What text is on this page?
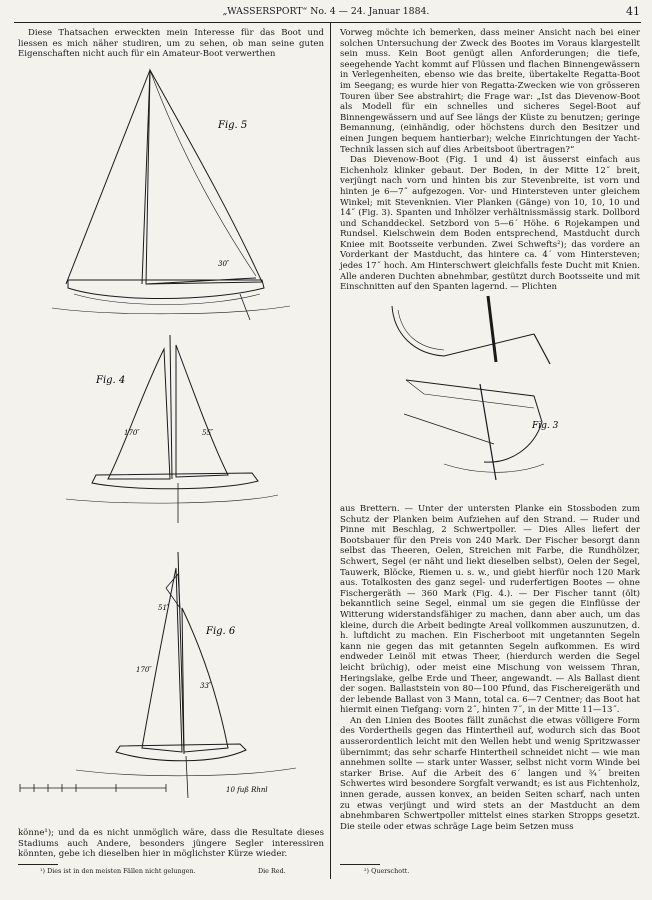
„WASSERSPORT“ No. 4 — 24. Januar 1884.	41

Diese Thatsachen erweckten mein Interesse für das Boot und liessen es mich näher studiren, um zu sehen, ob man seine guten Eigenschaften nicht auch für ein Amateur-Boot verwerthen

Fig. 5
30 ̋
Fig. 4
170 ̋	55 ̋
Fig. 6
51 ̋
170 ̋
33 ̋
10 fuß Rhnl

könne¹); und da es nicht unmöglich wäre, dass die Resultate dieses Stadiums auch Andere, besonders jüngere Segler interessiren könnten, gebe ich dieselben hier in möglichster Kürze wieder.

¹) Dies ist in den meisten Fällen nicht gelungen.	Die Red.

Vorweg möchte ich bemerken, dass meiner Ansicht nach bei einer solchen Untersuchung der Zweck des Bootes im Voraus klargestellt sein muss. Kein Boot genügt allen Anforderungen; die tiefe, seegehende Yacht kommt auf Flüssen und flachen Binnengewässern in Verlegenheiten, ebenso wie das breite, übertakelte Regatta-Boot im Seegang; es wurde hier von Regatta-Zwecken wie von grösseren Touren über See abstrahirt; die Frage war: „Ist das Dievenow-Boot als Modell für ein schnelles und sicheres Segel-Boot auf Binnengewässern und auf See längs der Küste zu benutzen; geringe Bemannung, (einhändig, oder höchstens durch den Besitzer und einen Jungen bequem hantierbar); welche Einrichtungen der Yacht-Technik lassen sich auf dies Arbeitsboot übertragen?“

Das Dievenow-Boot (Fig. 1 und 4) ist äusserst einfach aus Eichenholz klinker gebaut. Der Boden, in der Mitte 12˝ breit, verjüngt nach vorn und hinten bis zur Stevenbreite, ist vorn und hinten je 6—7˝ aufgezogen. Vor- und Hintersteven unter gleichem Winkel; mit Stevenknien. Vier Planken (Gänge) von 10, 10, 10 und 14˝ (Fig. 3). Spanten und Inhölzer verhältnissmässig stark. Dollbord und Schanddeckel. Setzbord von 5—6´ Höhe. 6 Rojekampen und Rundsel. Kielschwein dem Boden entsprechend, Mastducht durch Kniee mit Bootsseite verbunden. Zwei Schwefts²); das vordere an Vorderkant der Mastducht, das hintere ca. 4´ vom Hintersteven; jedes 17˝ hoch. Am Hinterschwert gleichfalls feste Ducht mit Knien. Alle anderen Duchten abnehmbar, gestützt durch Bootsseite und mit Einschnitten auf den Spanten lagernd. — Plichten

Fig. 3

aus Brettern. — Unter der untersten Planke ein Stossboden zum Schutz der Planken beim Aufziehen auf den Strand. — Ruder und Pinne mit Beschlag, 2 Schwertpoller. — Dies Alles liefert der Bootsbauer für den Preis von 240 Mark. Der Fischer besorgt dann selbst das Theeren, Oelen, Streichen mit Farbe, die Rundhölzer, Schwert, Segel (er näht und liekt dieselben selbst), Oelen der Segel, Tauwerk, Blöcke, Riemen u. s. w., und giebt hierfür noch 120 Mark aus. Totalkosten des ganz segel- und ruderfertigen Bootes — ohne Fischergeräth — 360 Mark (Fig. 4.). — Der Fischer tannt (ölt) bekanntlich seine Segel, einmal um sie gegen die Einflüsse der Witterung widerstandsfähiger zu machen, dann aber auch, um das kleine, durch die Arbeit bedingte Areal vollkommen auszunutzen, d. h. luftdicht zu machen. Ein Fischerboot mit ungetannten Segeln kann nie gegen das mit getannten Segeln aufkommen. Es wird endweder Leinöl mit etwas Theer, (hierdurch werden die Segel leicht brüchig), oder meist eine Mischung von weissem Thran, Heringslake, gelbe Erde und Theer, angewandt. — Als Ballast dient der sogen. Ballaststein von 80—100 Pfund, das Fischereigeräth und der lebende Ballast von 3 Mann, total ca. 6—7 Centner; das Boot hat hiermit einen Tiefgang: vorn 2˝, hinten 7˝, in der Mitte 11—13˝.

An den Linien des Bootes fällt zunächst die etwas völligere Form des Vordertheils gegen das Hintertheil auf, wodurch sich das Boot ausserordentlich leicht mit den Wellen hebt und wenig Spritzwasser übernimmt; das sehr scharfe Hintertheil schneidet nicht — wie man annehmen sollte — stark unter Wasser, selbst nicht vorm Winde bei starker Brise. Auf die Arbeit des 6´ langen und ¾´ breiten Schwertes wird besondere Sorgfalt verwandt; es ist aus Fichtenholz, innen gerade, aussen konvex, an beiden Seiten scharf, nach unten zu etwas verjüngt und wird stets an der Mastducht an dem abnehmbaren Schwertpoller mittelst eines starken Stropps gesetzt. Die steile oder etwas schräge Lage beim Setzen muss

²) Querschott.
